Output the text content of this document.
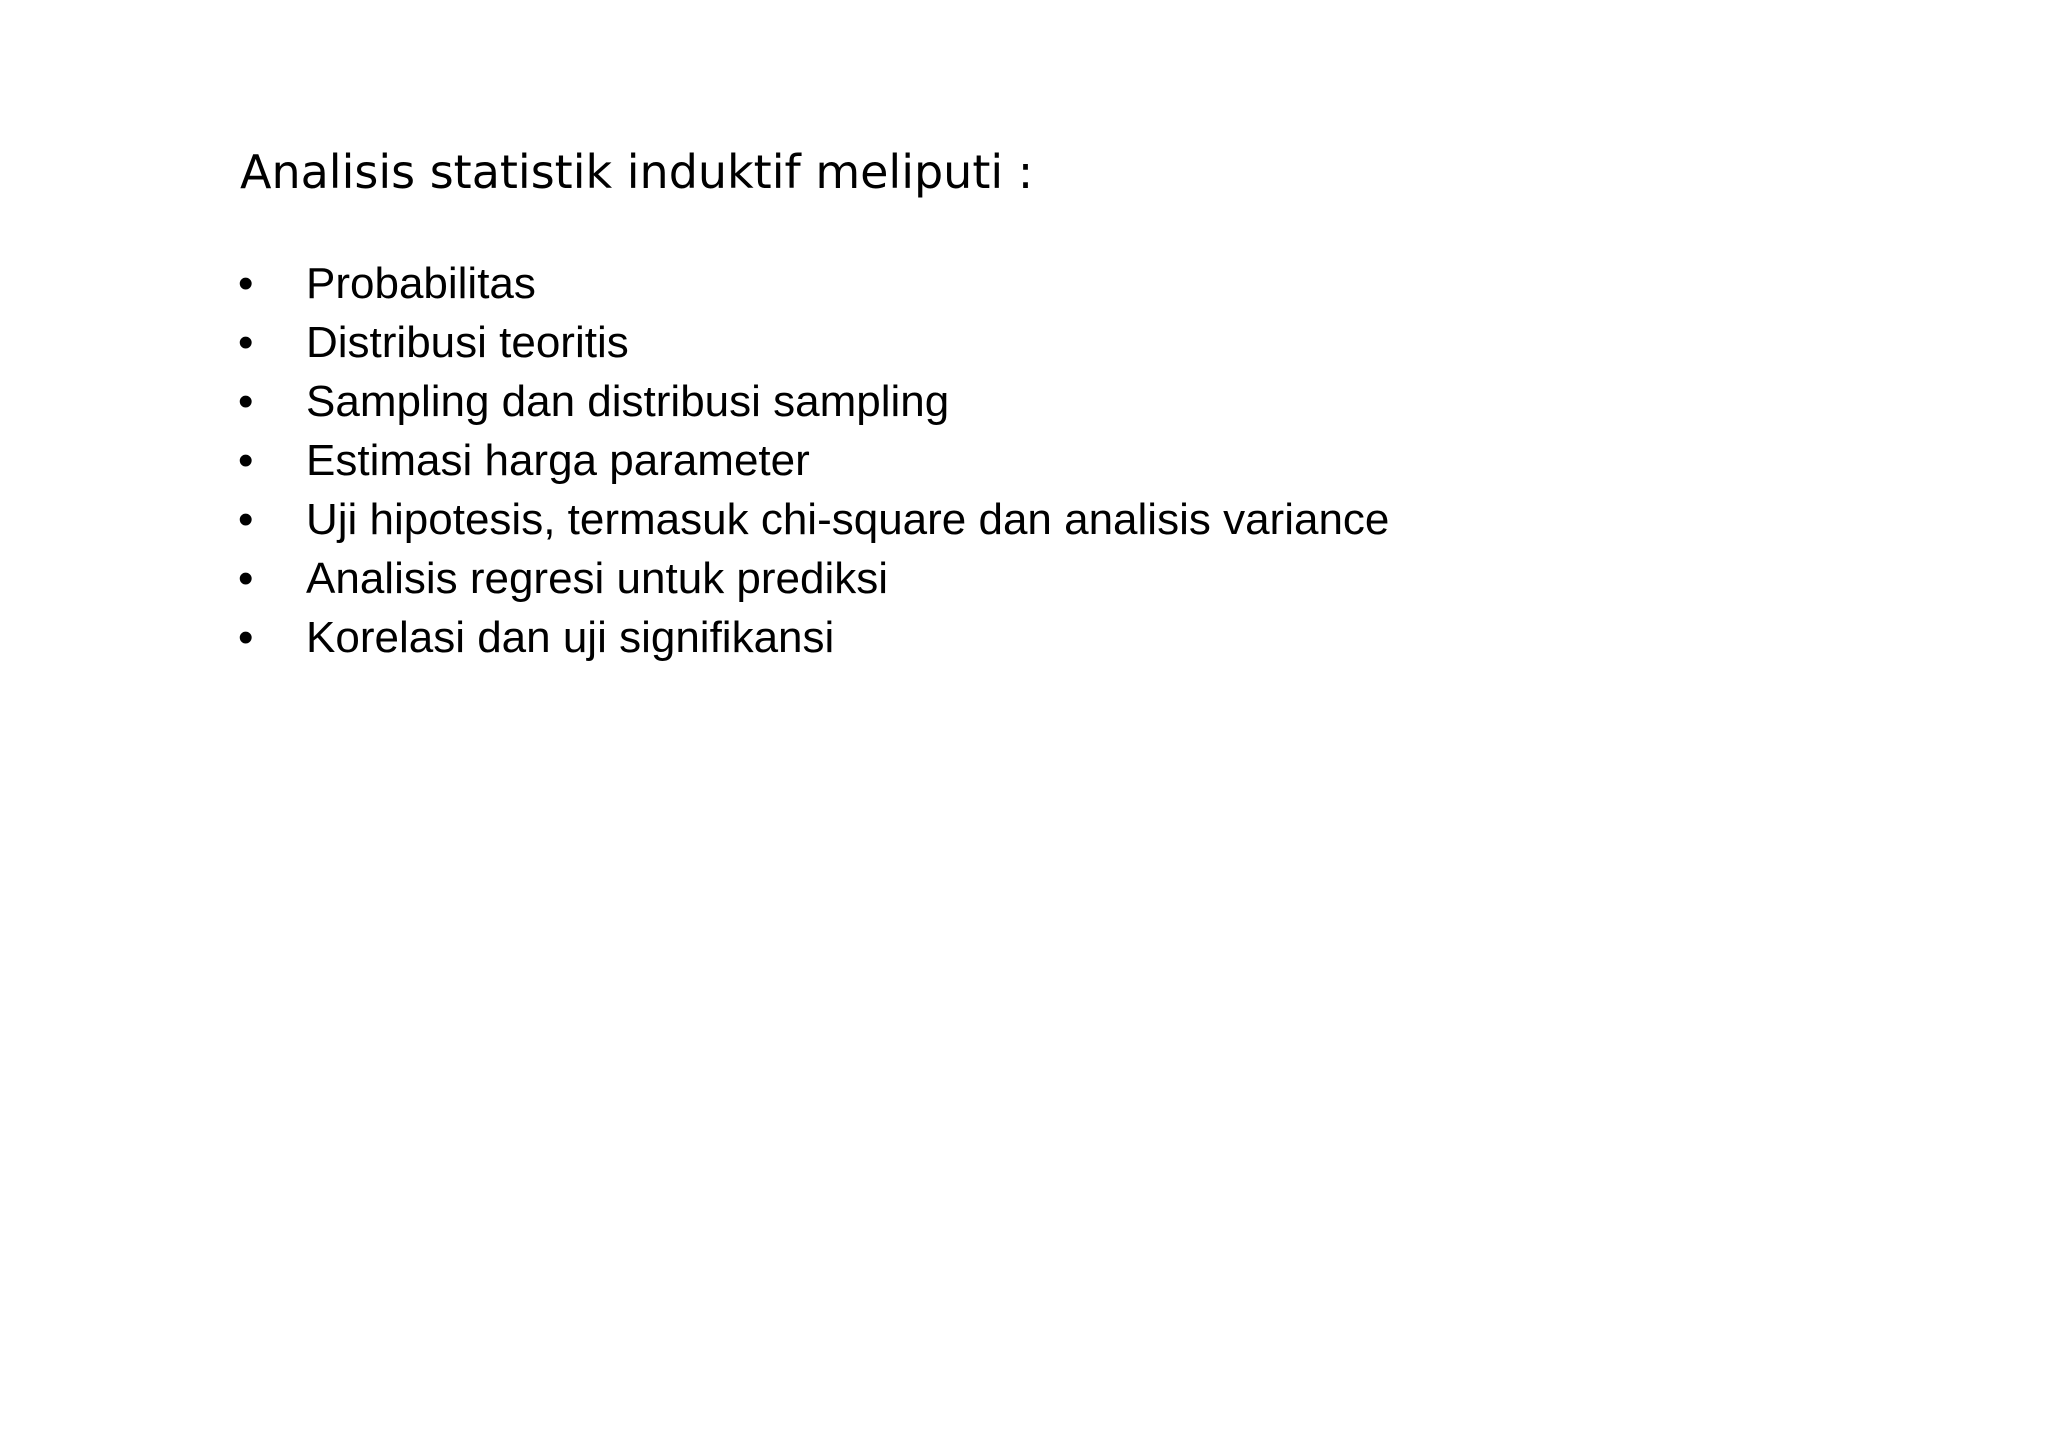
Analisis statistik induktif meliputi :
•	Probabilitas
•	Distribusi teoritis
•	Sampling dan distribusi sampling
•	Estimasi harga parameter
•	Uji hipotesis, termasuk chi-square dan analisis variance
•	Analisis regresi untuk prediksi
•	Korelasi dan uji signifikansi
